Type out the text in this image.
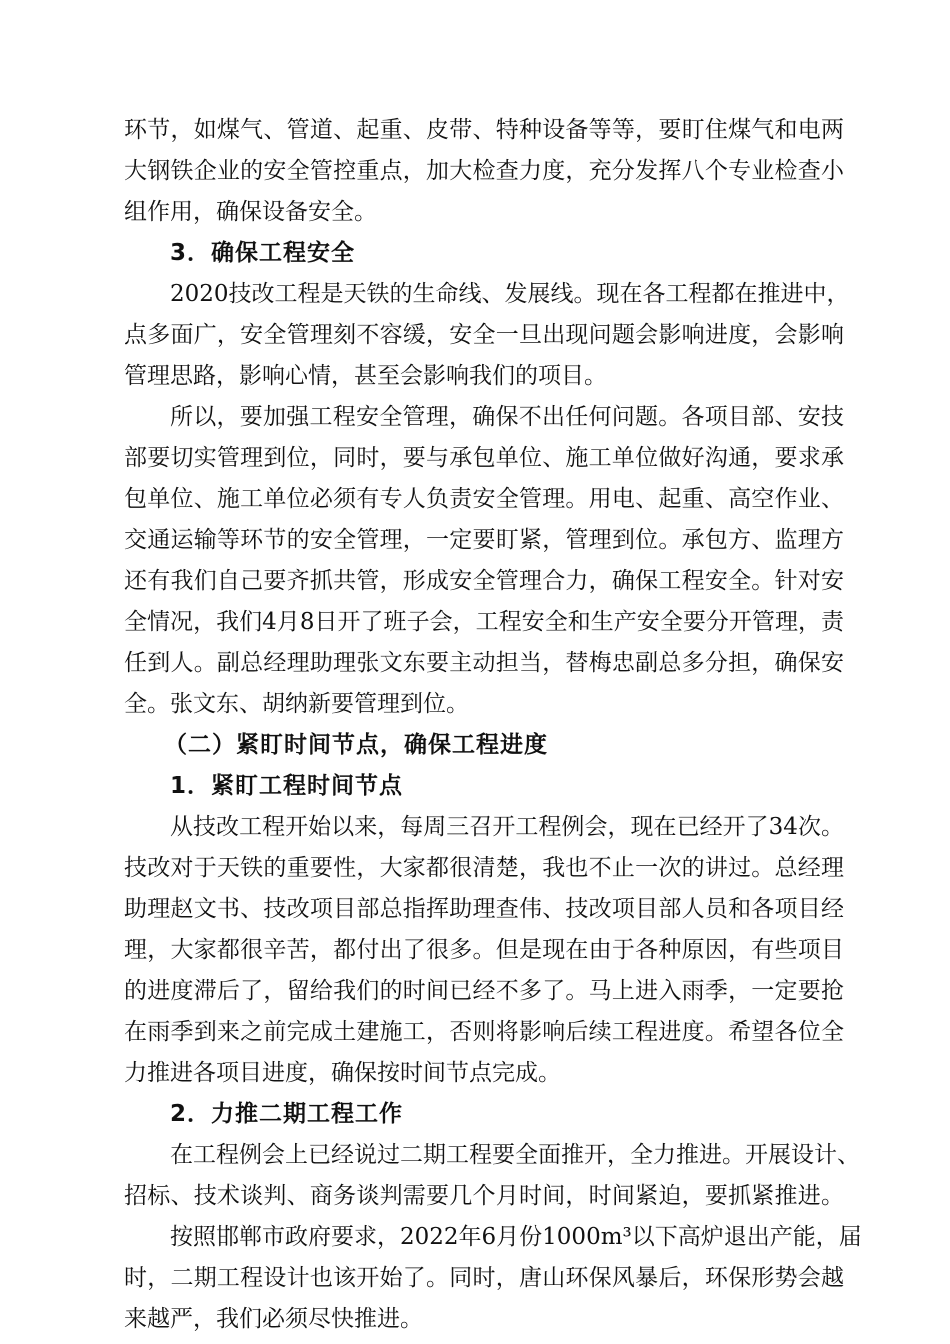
环节，如煤气、管道、起重、皮带、特种设备等等，要盯住煤气和电两
大钢铁企业的安全管控重点，加大检查力度，充分发挥八个专业检查小
组作用，确保设备安全。
3．确保工程安全
2020技改工程是天铁的生命线、发展线。现在各工程都在推进中，
点多面广，安全管理刻不容缓，安全一旦出现问题会影响进度，会影响
管理思路，影响心情，甚至会影响我们的项目。
所以，要加强工程安全管理，确保不出任何问题。各项目部、安技
部要切实管理到位，同时，要与承包单位、施工单位做好沟通，要求承
包单位、施工单位必须有专人负责安全管理。用电、起重、高空作业、
交通运输等环节的安全管理，一定要盯紧，管理到位。承包方、监理方
还有我们自己要齐抓共管，形成安全管理合力，确保工程安全。针对安
全情况，我们4月8日开了班子会，工程安全和生产安全要分开管理，责
任到人。副总经理助理张文东要主动担当，替梅忠副总多分担，确保安
全。张文东、胡纳新要管理到位。
（二）紧盯时间节点，确保工程进度
1．紧盯工程时间节点
从技改工程开始以来，每周三召开工程例会，现在已经开了34次。
技改对于天铁的重要性，大家都很清楚，我也不止一次的讲过。总经理
助理赵文书、技改项目部总指挥助理查伟、技改项目部人员和各项目经
理，大家都很辛苦，都付出了很多。但是现在由于各种原因，有些项目
的进度滞后了，留给我们的时间已经不多了。马上进入雨季，一定要抢
在雨季到来之前完成土建施工，否则将影响后续工程进度。希望各位全
力推进各项目进度，确保按时间节点完成。
2．力推二期工程工作
在工程例会上已经说过二期工程要全面推开，全力推进。开展设计、
招标、技术谈判、商务谈判需要几个月时间，时间紧迫，要抓紧推进。
按照邯郸市政府要求，2022年6月份1000m³以下高炉退出产能，届
时，二期工程设计也该开始了。同时，唐山环保风暴后，环保形势会越
来越严，我们必须尽快推进。
